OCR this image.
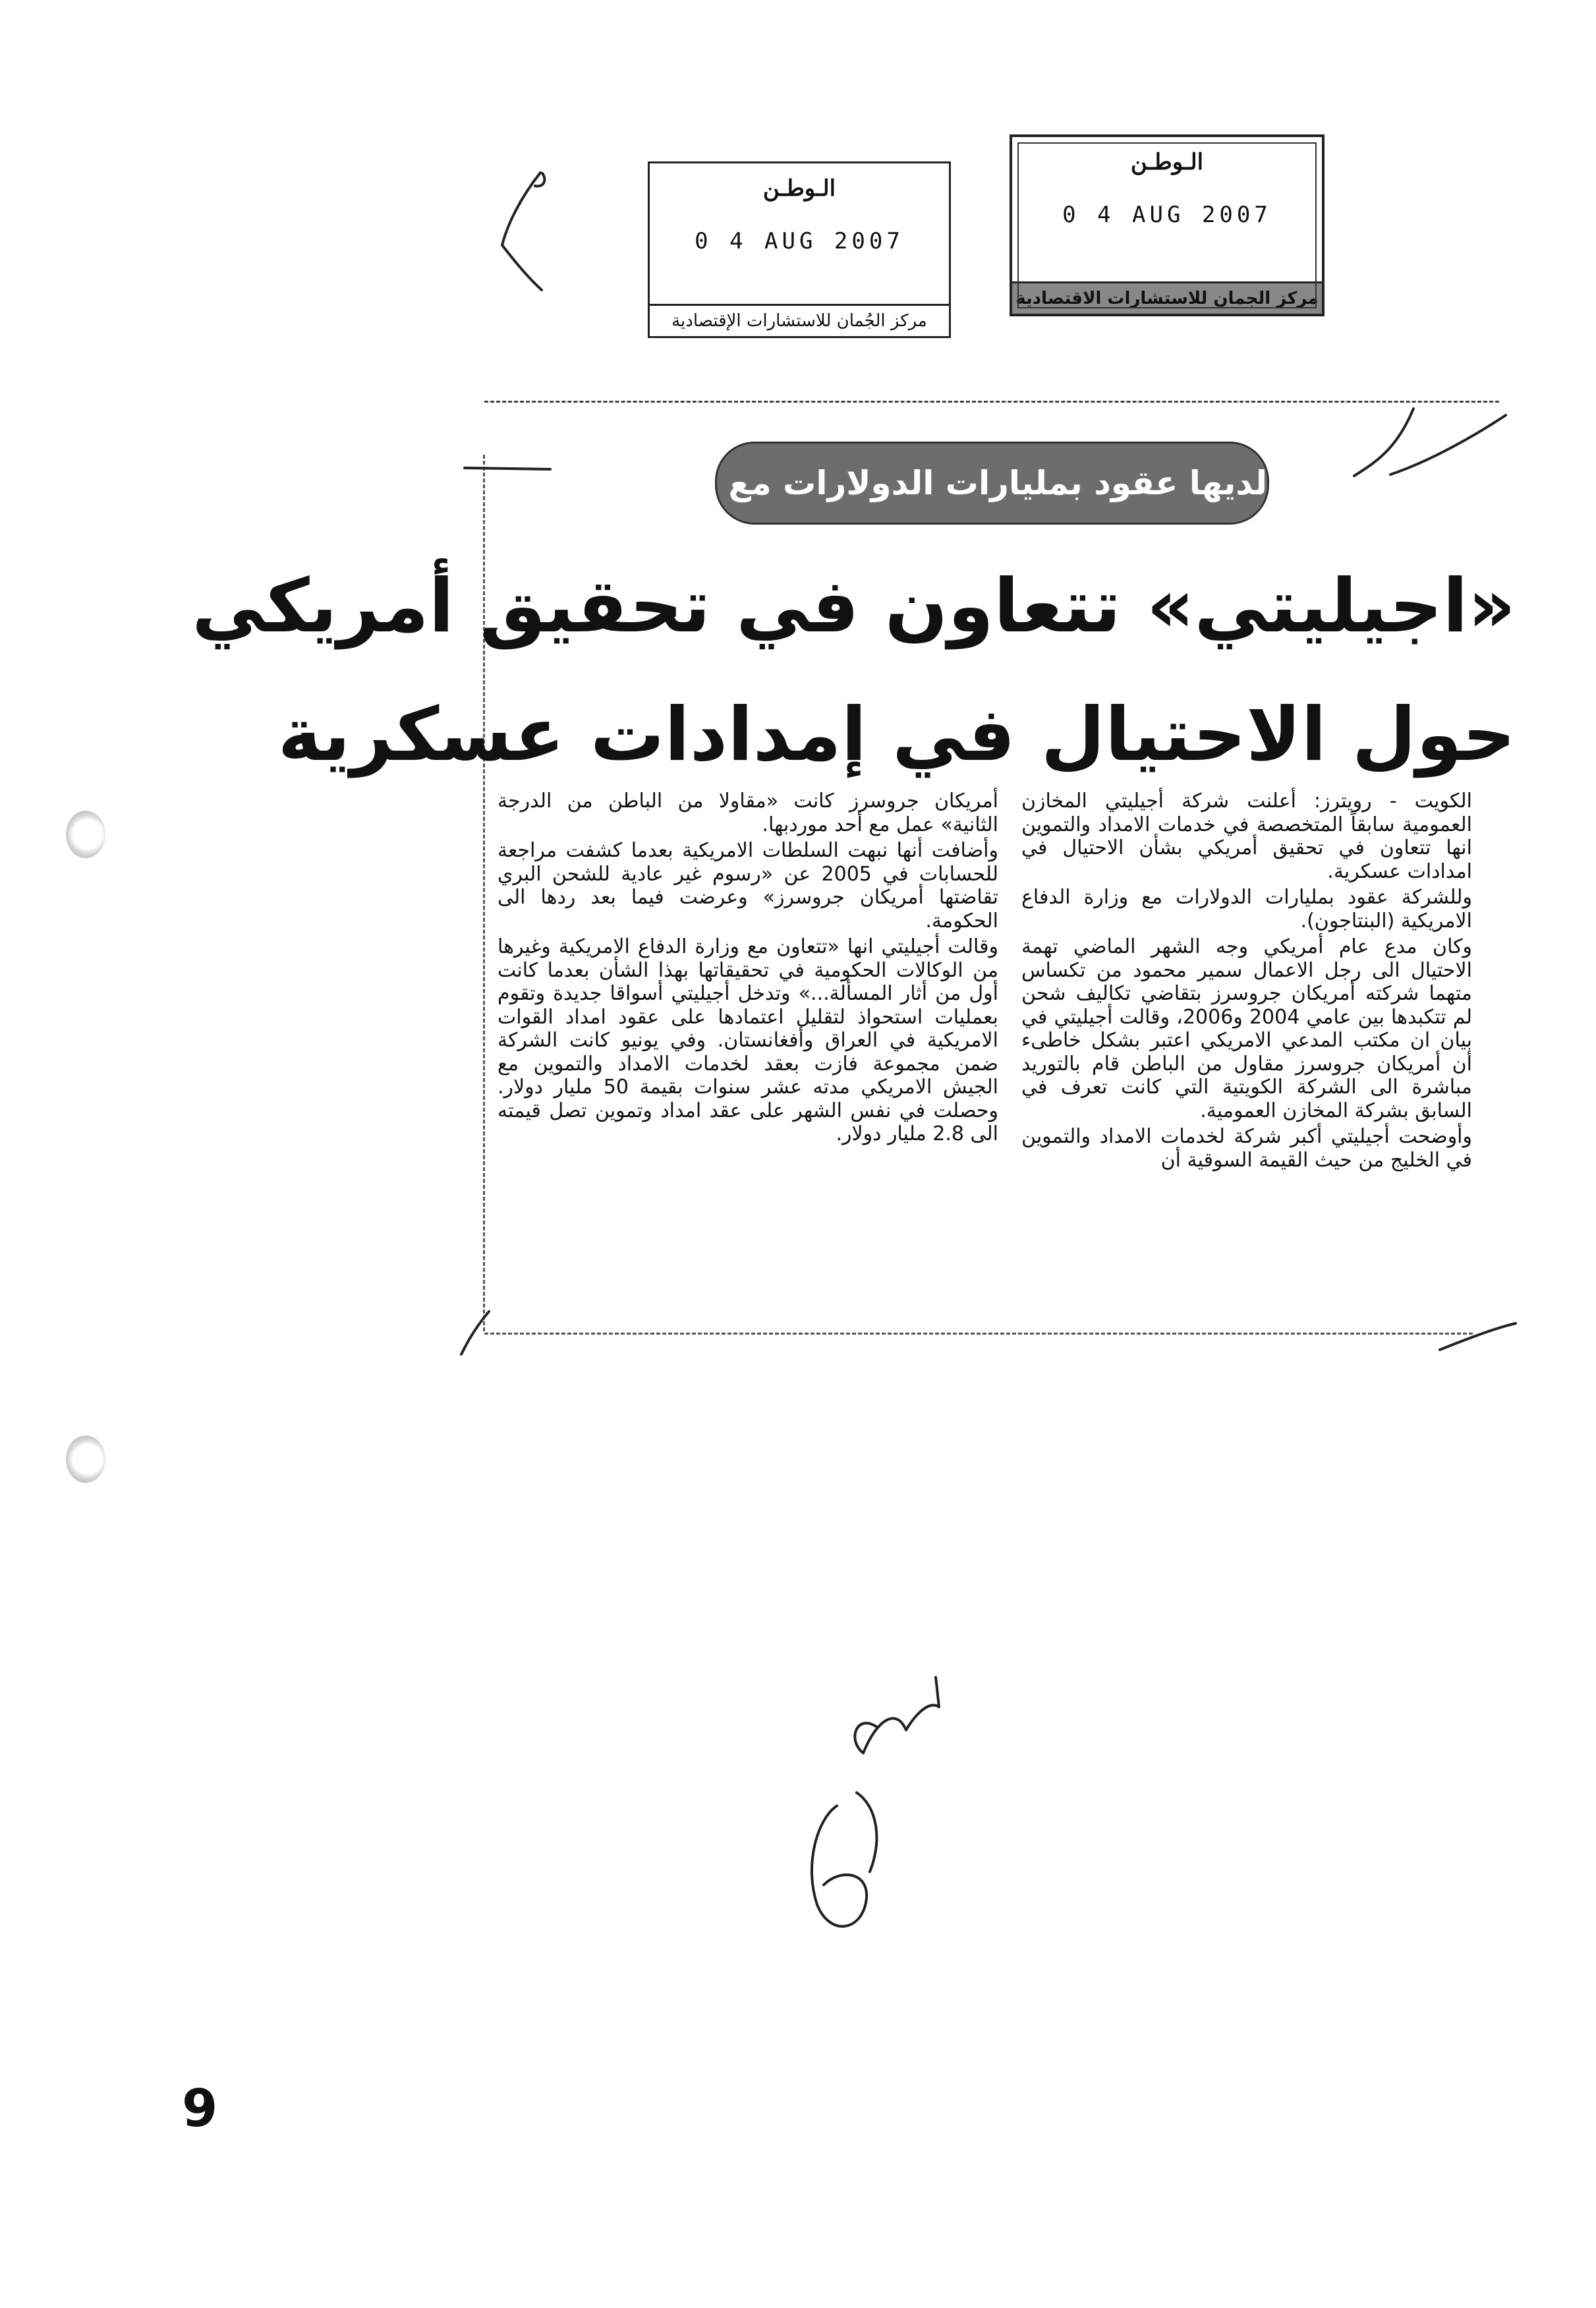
الـوطـن
0 4 AUG 2007
مركز الجُمان للاستشارات الإقتصادية
الـوطـن
0 4 AUG 2007
مركز الجمان للاستشارات الاقتصادية
لديها عقود بمليارات الدولارات مع «البنتاجون»
«اجيليتي» تتعاون في تحقيق أمريكي
حول الاحتيال في إمدادات عسكرية

الكويت - رويترز: أعلنت شركة أجيليتي المخازن العمومية سابقاً المتخصصة في خدمات الامداد والتموين انها تتعاون في تحقيق أمريكي بشأن الاحتيال في امدادات عسكرية.

وللشركة عقود بمليارات الدولارات مع وزارة الدفاع الامريكية (البنتاجون).

وكان مدع عام أمريكي وجه الشهر الماضي تهمة الاحتيال الى رجل الاعمال سمير محمود من تكساس متهما شركته أمريكان جروسرز بتقاضي تكاليف شحن لم تتكبدها بين عامي 2004 و2006، وقالت أجيليتي في بيان ان مكتب المدعي الامريكي اعتبر بشكل خاطىء أن أمريكان جروسرز مقاول من الباطن قام بالتوريد مباشرة الى الشركة الكويتية التي كانت تعرف في السابق بشركة المخازن العمومية.

وأوضحت أجيليتي أكبر شركة لخدمات الامداد والتموين في الخليج من حيث القيمة السوقية أن

أمريكان جروسرز كانت «مقاولا من الباطن من الدرجة الثانية» عمل مع أحد موردبها.

وأضافت أنها نبهت السلطات الامريكية بعدما كشفت مراجعة للحسابات في 2005 عن «رسوم غير عادية للشحن البري تقاضتها أمريكان جروسرز» وعرضت فيما بعد ردها الى الحكومة.

وقالت أجيليتي انها «تتعاون مع وزارة الدفاع الامريكية وغيرها من الوكالات الحكومية في تحقيقاتها بهذا الشأن بعدما كانت أول من أثار المسألة...» وتدخل أجيليتي أسواقا جديدة وتقوم بعمليات استحواذ لتقليل اعتمادها على عقود امداد القوات الامريكية في العراق وأفغانستان. وفي يونيو كانت الشركة ضمن مجموعة فازت بعقد لخدمات الامداد والتموين مع الجيش الامريكي مدته عشر سنوات بقيمة 50 مليار دولار. وحصلت في نفس الشهر على عقد امداد وتموين تصل قيمته الى 2.8 مليار دولار.

9
